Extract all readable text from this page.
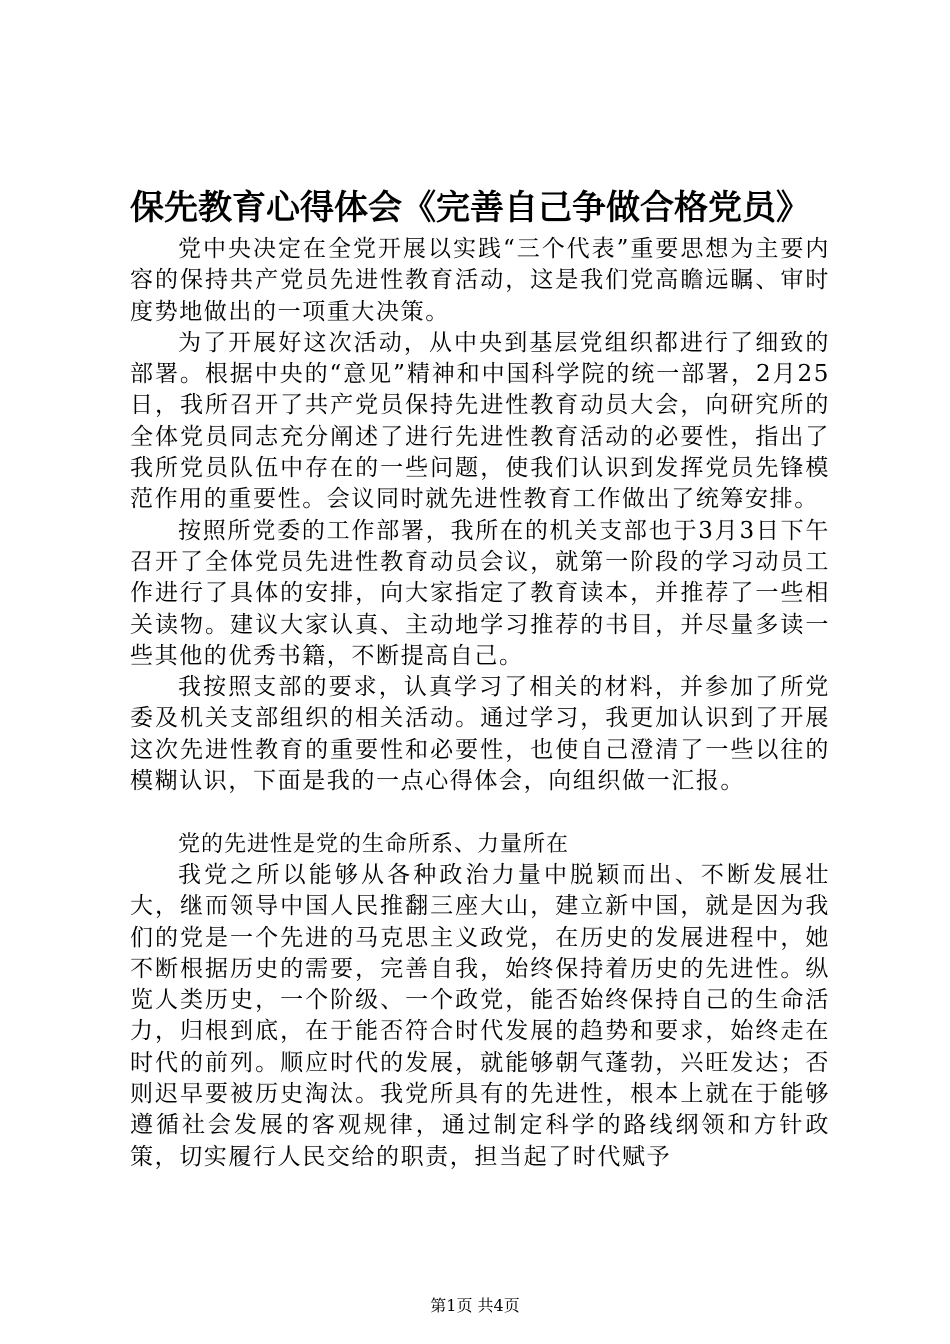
保先教育心得体会《完善自己争做合格党员》

党中央决定在全党开展以实践“三个代表”重要思想为主要内容的保持共产党员先进性教育活动，这是我们党高瞻远瞩、审时度势地做出的一项重大决策。

为了开展好这次活动，从中央到基层党组织都进行了细致的部署。根据中央的“意见”精神和中国科学院的统一部署，2月25日，我所召开了共产党员保持先进性教育动员大会，向研究所的全体党员同志充分阐述了进行先进性教育活动的必要性，指出了我所党员队伍中存在的一些问题，使我们认识到发挥党员先锋模范作用的重要性。会议同时就先进性教育工作做出了统筹安排。

按照所党委的工作部署，我所在的机关支部也于3月3日下午召开了全体党员先进性教育动员会议，就第一阶段的学习动员工作进行了具体的安排，向大家指定了教育读本，并推荐了一些相关读物。建议大家认真、主动地学习推荐的书目，并尽量多读一些其他的优秀书籍，不断提高自己。

我按照支部的要求，认真学习了相关的材料，并参加了所党委及机关支部组织的相关活动。通过学习，我更加认识到了开展这次先进性教育的重要性和必要性，也使自己澄清了一些以往的模糊认识，下面是我的一点心得体会，向组织做一汇报。

党的先进性是党的生命所系、力量所在

我党之所以能够从各种政治力量中脱颖而出、不断发展壮大，继而领导中国人民推翻三座大山，建立新中国，就是因为我们的党是一个先进的马克思主义政党，在历史的发展进程中，她不断根据历史的需要，完善自我，始终保持着历史的先进性。纵览人类历史，一个阶级、一个政党，能否始终保持自己的生命活力，归根到底，在于能否符合时代发展的趋势和要求，始终走在时代的前列。顺应时代的发展，就能够朝气蓬勃，兴旺发达；否则迟早要被历史淘汰。我党所具有的先进性，根本上就在于能够遵循社会发展的客观规律，通过制定科学的路线纲领和方针政策，切实履行人民交给的职责，担当起了时代赋予

第1页 共4页
